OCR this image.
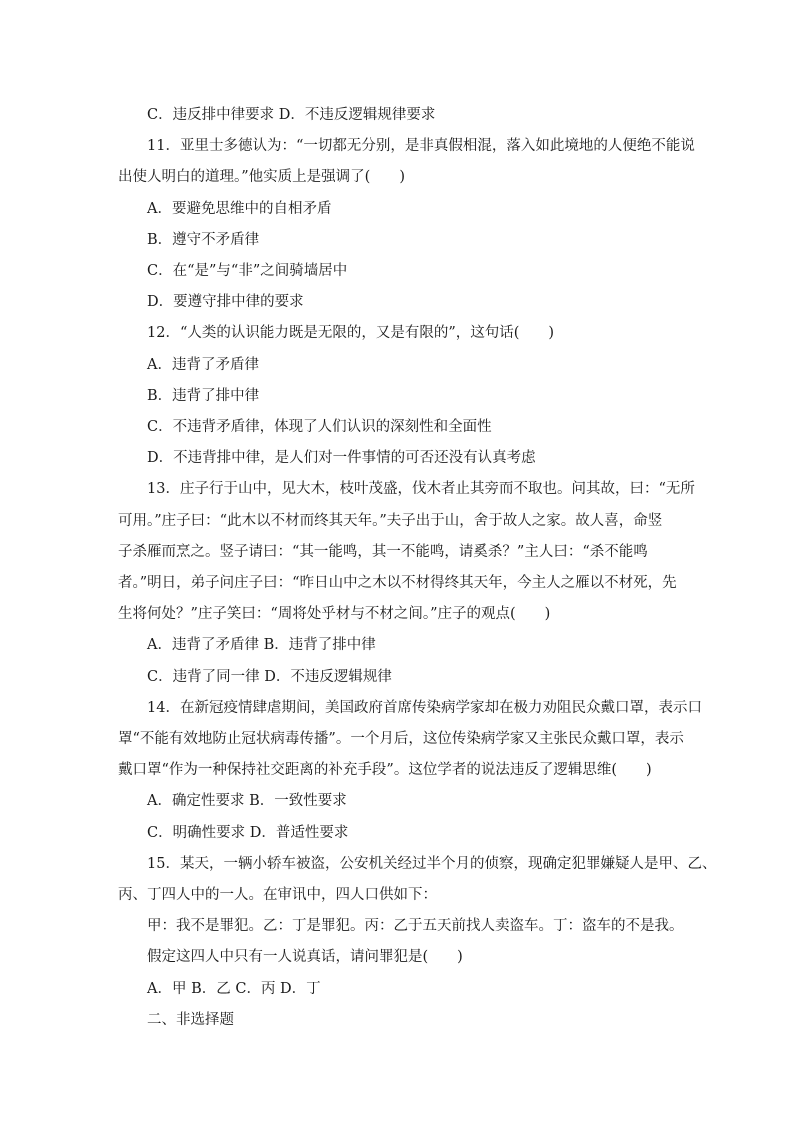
C．违反排中律要求 D．不违反逻辑规律要求
11．亚里士多德认为：“一切都无分别，是非真假相混，落入如此境地的人便绝不能说
出使人明白的道理。”他实质上是强调了(　　)
A．要避免思维中的自相矛盾
B．遵守不矛盾律
C．在“是”与“非”之间骑墙居中
D．要遵守排中律的要求
12．“人类的认识能力既是无限的，又是有限的”，这句话(　　)
A．违背了矛盾律
B．违背了排中律
C．不违背矛盾律，体现了人们认识的深刻性和全面性
D．不违背排中律，是人们对一件事情的可否还没有认真考虑
13．庄子行于山中，见大木，枝叶茂盛，伐木者止其旁而不取也。问其故，曰：“无所
可用。”庄子曰：“此木以不材而终其天年。”夫子出于山，舍于故人之家。故人喜，命竖
子杀雁而烹之。竖子请曰：“其一能鸣，其一不能鸣，请奚杀？”主人曰：“杀不能鸣
者。”明日，弟子问庄子曰：“昨日山中之木以不材得终其天年，今主人之雁以不材死，先
生将何处？”庄子笑曰：“周将处乎材与不材之间。”庄子的观点(　　)
A．违背了矛盾律 B．违背了排中律
C．违背了同一律 D．不违反逻辑规律
14．在新冠疫情肆虐期间，美国政府首席传染病学家却在极力劝阻民众戴口罩，表示口
罩“不能有效地防止冠状病毒传播”。一个月后，这位传染病学家又主张民众戴口罩，表示
戴口罩“作为一种保持社交距离的补充手段”。这位学者的说法违反了逻辑思维(　　)
A．确定性要求 B．一致性要求
C．明确性要求 D．普适性要求
15．某天，一辆小轿车被盗，公安机关经过半个月的侦察，现确定犯罪嫌疑人是甲、乙、
丙、丁四人中的一人。在审讯中，四人口供如下：
甲：我不是罪犯。乙：丁是罪犯。丙：乙于五天前找人卖盗车。丁：盗车的不是我。
假定这四人中只有一人说真话，请问罪犯是(　　)
A．甲 B．乙 C．丙 D．丁
二、非选择题
